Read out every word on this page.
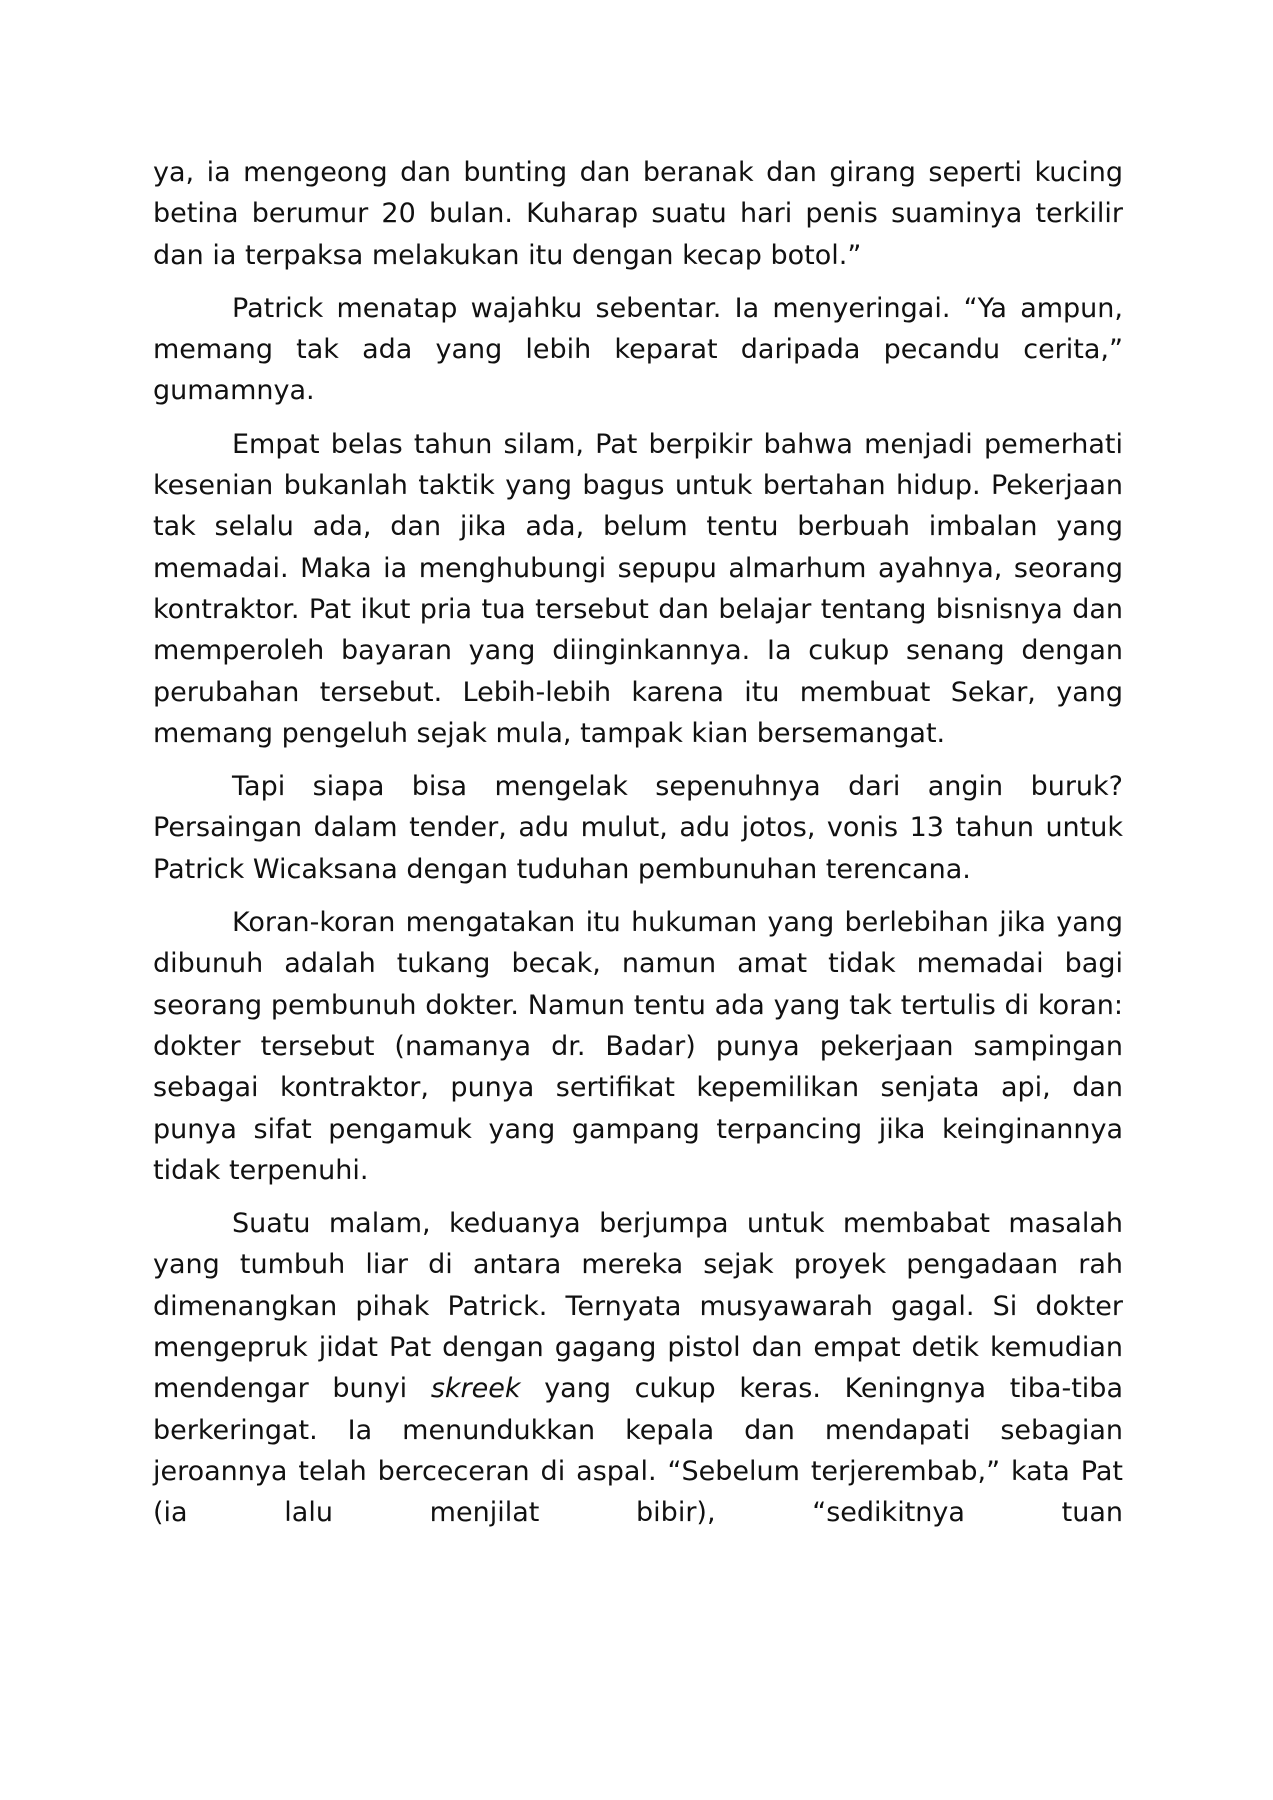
ya, ia mengeong dan bunting dan beranak dan girang seperti kucing betina berumur 20 bulan. Kuharap suatu hari penis suaminya terkilir dan ia terpaksa melakukan itu dengan kecap botol.”

Patrick menatap wajahku sebentar. Ia menyeringai. “Ya ampun, memang tak ada yang lebih keparat daripada pecandu cerita,” gumamnya.

Empat belas tahun silam, Pat berpikir bahwa menjadi pemerhati kesenian bukanlah taktik yang bagus untuk bertahan hidup. Pekerjaan tak selalu ada, dan jika ada, belum tentu berbuah imbalan yang memadai. Maka ia menghubungi sepupu almarhum ayahnya, seorang kontraktor. Pat ikut pria tua tersebut dan belajar tentang bisnisnya dan memperoleh bayaran yang diinginkannya. Ia cukup senang dengan perubahan tersebut. Lebih-lebih karena itu membuat Sekar, yang memang pengeluh sejak mula, tampak kian bersemangat.

Tapi siapa bisa mengelak sepenuhnya dari angin buruk? Persaingan dalam tender, adu mulut, adu jotos, vonis 13 tahun untuk Patrick Wicaksana dengan tuduhan pembunuhan terencana.

Koran-koran mengatakan itu hukuman yang berlebihan jika yang dibunuh adalah tukang becak, namun amat tidak memadai bagi seorang pembunuh dokter. Namun tentu ada yang tak tertulis di koran: dokter tersebut (namanya dr. Badar) punya pekerjaan sampingan sebagai kontraktor, punya sertifikat kepemilikan senjata api, dan punya sifat pengamuk yang gampang terpancing jika keinginannya tidak terpenuhi.

Suatu malam, keduanya berjumpa untuk membabat masalah yang tumbuh liar di antara mereka sejak proyek pengadaan rah dimenangkan pihak Patrick. Ternyata musyawarah gagal. Si dokter mengepruk jidat Pat dengan gagang pistol dan empat detik kemudian mendengar bunyi skreek yang cukup keras. Keningnya tiba-tiba berkeringat. Ia menundukkan kepala dan mendapati sebagian jeroannya telah berceceran di aspal. “Sebelum terjerembab,” kata Pat (ia lalu menjilat bibir), “sedikitnya tuan
